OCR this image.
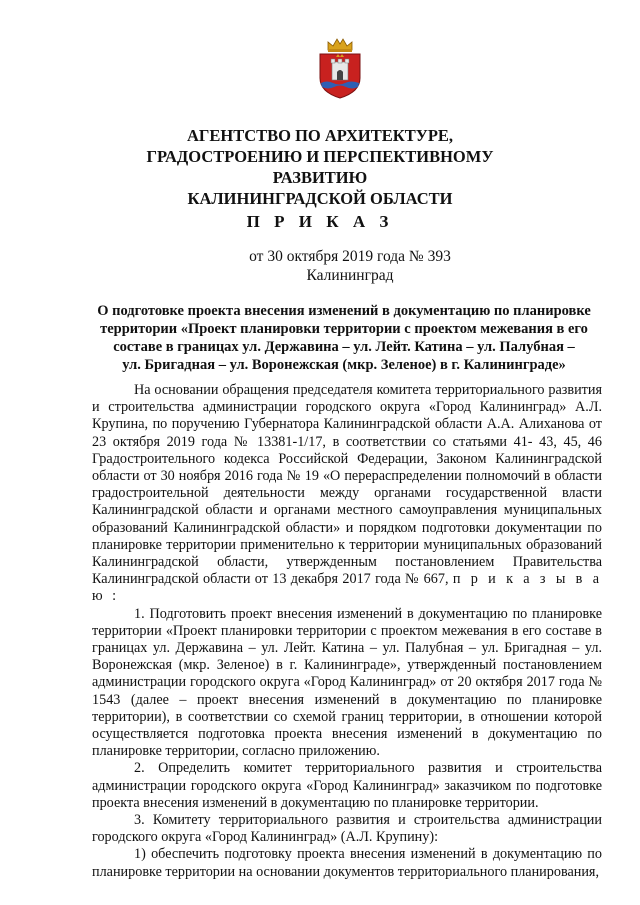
АГЕНТСТВО ПО АРХИТЕКТУРЕ,
ГРАДОСТРОЕНИЮ И ПЕРСПЕКТИВНОМУ РАЗВИТИЮ
КАЛИНИНГРАДСКОЙ ОБЛАСТИ
П Р И К А З
от 30 октября 2019 года № 393
Калининград
О подготовке проекта внесения изменений в документацию по планировке
территории «Проект планировки территории с проектом межевания в его
составе в границах ул. Державина – ул. Лейт. Катина – ул. Палубная –
ул. Бригадная – ул. Воронежская (мкр. Зеленое) в г. Калининграде»

На основании обращения председателя комитета территориального развития и строительства администрации городского округа «Город Калининград» А.Л. Крупина, по поручению Губернатора Калининградской области А.А. Алиханова от 23 октября 2019 года № 13381-1/17, в соответствии со статьями 41- 43, 45, 46 Градостроительного кодекса Российской Федерации, Законом Калининградской области от 30 ноября 2016 года № 19 «О перераспределении полномочий в области градостроительной деятельности между органами государственной власти Калининградской области и органами местного самоуправления муниципальных образований Калининградской области» и порядком подготовки документации по планировке территории применительно к территории муниципальных образований Калининградской области, утвержденным постановлением Правительства Калининградской области от 13 декабря 2017 года № 667, п р и к а з ы в а ю :

1. Подготовить проект внесения изменений в документацию по планировке территории «Проект планировки территории с проектом межевания в его составе в границах ул. Державина – ул. Лейт. Катина – ул. Палубная – ул. Бригадная – ул. Воронежская (мкр. Зеленое) в г. Калининграде», утвержденный постановлением администрации городского округа «Город Калининград» от 20 октября 2017 года № 1543 (далее – проект внесения изменений в документацию по планировке территории), в соответствии со схемой границ территории, в отношении которой осуществляется подготовка проекта внесения изменений в документацию по планировке территории, согласно приложению.

2. Определить комитет территориального развития и строительства администрации городского округа «Город Калининград» заказчиком по подготовке проекта внесения изменений в документацию по планировке территории.

3. Комитету территориального развития и строительства администрации городского округа «Город Калининград» (А.Л. Крупину):

1) обеспечить подготовку проекта внесения изменений в документацию по планировке территории на основании документов территориального планирования,
